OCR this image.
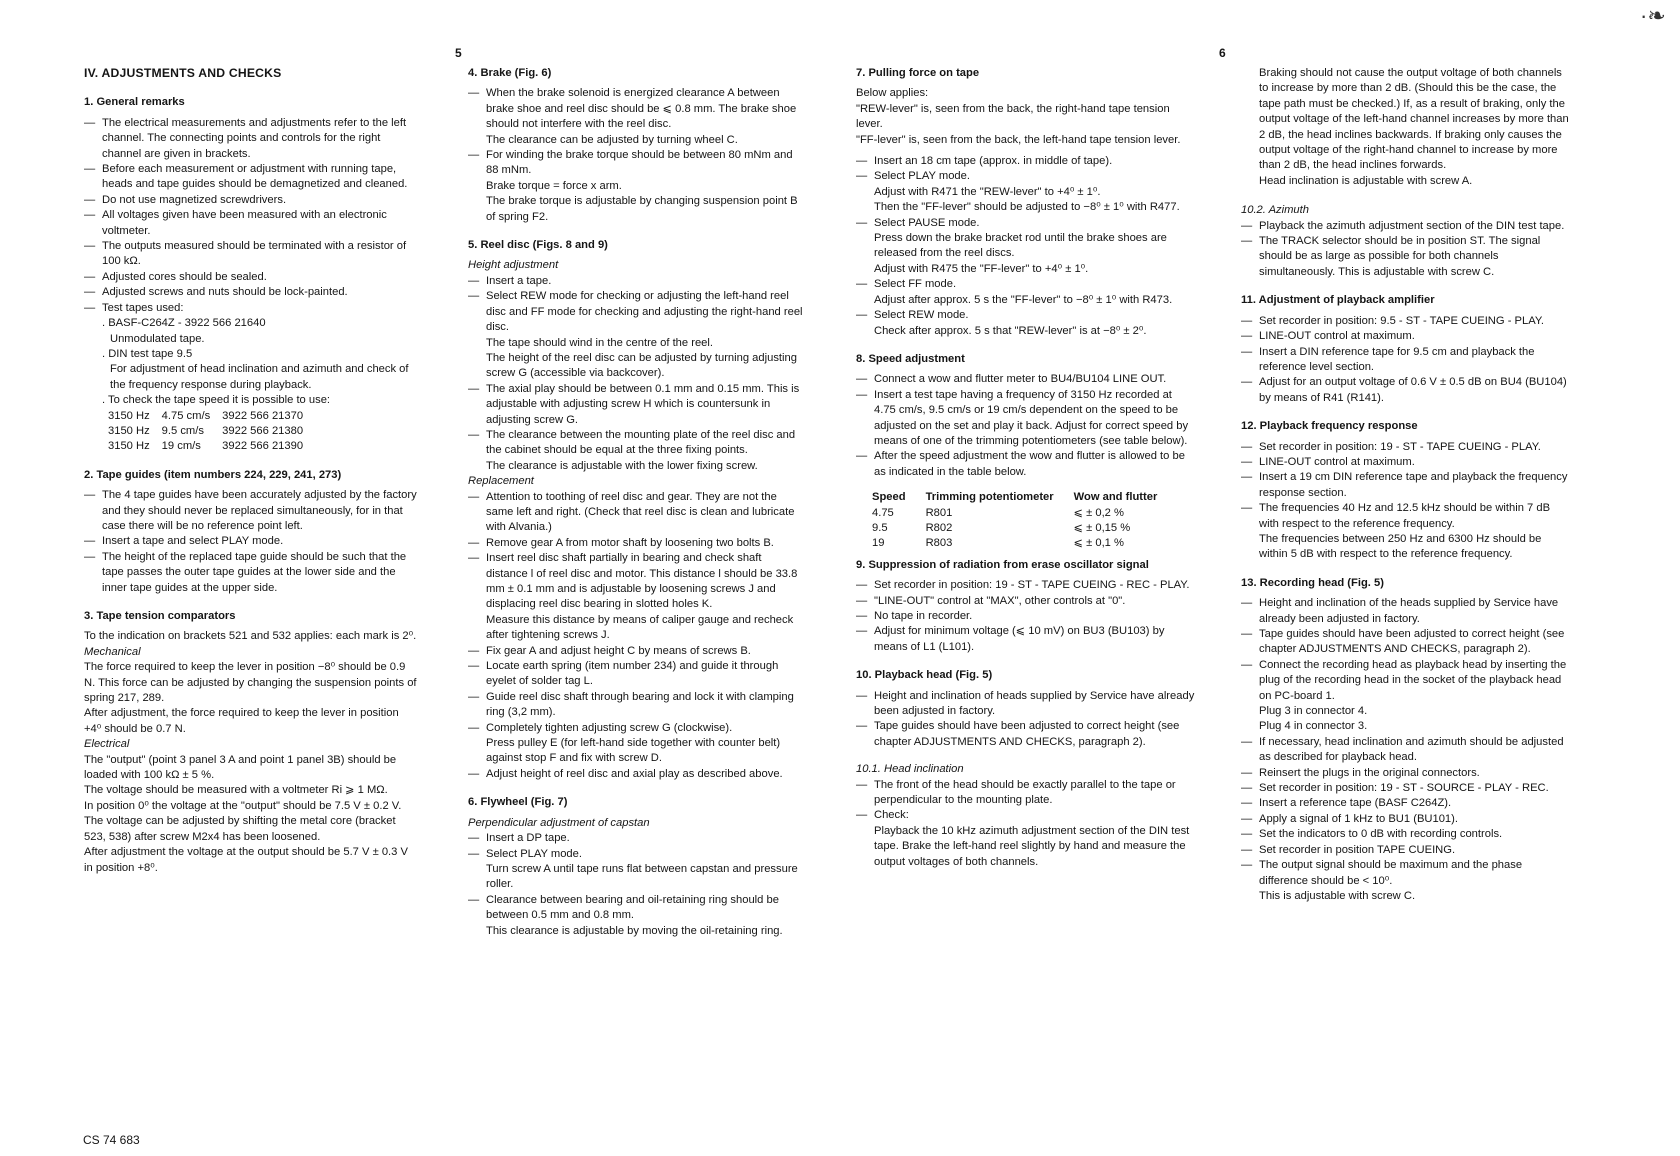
5	6
·❧

IV. ADJUSTMENTS AND CHECKS

1. General remarks

— The electrical measurements and adjustments refer to the left channel. The connecting points and controls for the right channel are given in brackets.
— Before each measurement or adjustment with running tape, heads and tape guides should be demagnetized and cleaned.
— Do not use magnetized screwdrivers.
— All voltages given have been measured with an electronic voltmeter.
— The outputs measured should be terminated with a resistor of 100 kΩ.
— Adjusted cores should be sealed.
— Adjusted screws and nuts should be lock-painted.
— Test tapes used:

. BASF-C264Z - 3922 566 21640

Unmodulated tape.

. DIN test tape 9.5

For adjustment of head inclination and azimuth and check of the frequency response during playback.

. To check the tape speed it is possible to use:

3150 Hz	4.75 cm/s	3922 566 21370
3150 Hz	9.5 cm/s	3922 566 21380
3150 Hz	19 cm/s	3922 566 21390

2. Tape guides (item numbers 224, 229, 241, 273)

— The 4 tape guides have been accurately adjusted by the factory and they should never be replaced simultaneously, for in that case there will be no reference point left.
— Insert a tape and select PLAY mode.
— The height of the replaced tape guide should be such that the tape passes the outer tape guides at the lower side and the inner tape guides at the upper side.

3. Tape tension comparators

To the indication on brackets 521 and 532 applies: each mark is 2⁰.

Mechanical

The force required to keep the lever in position −8⁰ should be 0.9 N. This force can be adjusted by changing the suspension points of spring 217, 289.

After adjustment, the force required to keep the lever in position +4⁰ should be 0.7 N.

Electrical

The "output" (point 3 panel 3 A and point 1 panel 3B) should be loaded with 100 kΩ ± 5 %.

The voltage should be measured with a voltmeter Ri ⩾ 1 MΩ.

In position 0⁰ the voltage at the "output" should be 7.5 V ± 0.2 V. The voltage can be adjusted by shifting the metal core (bracket 523, 538) after screw M2x4 has been loosened.

After adjustment the voltage at the output should be 5.7 V ± 0.3 V in position +8⁰.

4. Brake (Fig. 6)

— When the brake solenoid is energized clearance A between brake shoe and reel disc should be ⩽ 0.8 mm. The brake shoe should not interfere with the reel disc.
The clearance can be adjusted by turning wheel C.
— For winding the brake torque should be between 80 mNm and 88 mNm.
Brake torque = force x arm.
The brake torque is adjustable by changing suspension point B of spring F2.

5. Reel disc (Figs. 8 and 9)

Height adjustment

— Insert a tape.
— Select REW mode for checking or adjusting the left-hand reel disc and FF mode for checking and adjusting the right-hand reel disc.
The tape should wind in the centre of the reel.
The height of the reel disc can be adjusted by turning adjusting screw G (accessible via backcover).
— The axial play should be between 0.1 mm and 0.15 mm. This is adjustable with adjusting screw H which is countersunk in adjusting screw G.
— The clearance between the mounting plate of the reel disc and the cabinet should be equal at the three fixing points.
The clearance is adjustable with the lower fixing screw.

Replacement

— Attention to toothing of reel disc and gear. They are not the same left and right. (Check that reel disc is clean and lubricate with Alvania.)
— Remove gear A from motor shaft by loosening two bolts B.
— Insert reel disc shaft partially in bearing and check shaft distance l of reel disc and motor. This distance l should be 33.8 mm ± 0.1 mm and is adjustable by loosening screws J and displacing reel disc bearing in slotted holes K.
Measure this distance by means of caliper gauge and recheck after tightening screws J.
— Fix gear A and adjust height C by means of screws B.
— Locate earth spring (item number 234) and guide it through eyelet of solder tag L.
— Guide reel disc shaft through bearing and lock it with clamping ring (3,2 mm).
— Completely tighten adjusting screw G (clockwise).
Press pulley E (for left-hand side together with counter belt) against stop F and fix with screw D.
— Adjust height of reel disc and axial play as described above.

6. Flywheel (Fig. 7)

Perpendicular adjustment of capstan

— Insert a DP tape.
— Select PLAY mode.
Turn screw A until tape runs flat between capstan and pressure roller.
— Clearance between bearing and oil-retaining ring should be between 0.5 mm and 0.8 mm.
This clearance is adjustable by moving the oil-retaining ring.

7. Pulling force on tape

Below applies:

"REW-lever" is, seen from the back, the right-hand tape tension lever.

"FF-lever" is, seen from the back, the left-hand tape tension lever.

— Insert an 18 cm tape (approx. in middle of tape).
— Select PLAY mode.
Adjust with R471 the "REW-lever" to +4⁰ ± 1⁰.
Then the "FF-lever" should be adjusted to −8⁰ ± 1⁰ with R477.
— Select PAUSE mode.
Press down the brake bracket rod until the brake shoes are released from the reel discs.
Adjust with R475 the "FF-lever" to +4⁰ ± 1⁰.
— Select FF mode.
Adjust after approx. 5 s the "FF-lever" to −8⁰ ± 1⁰ with R473.
— Select REW mode.
Check after approx. 5 s that "REW-lever" is at −8⁰ ± 2⁰.

8. Speed adjustment

— Connect a wow and flutter meter to BU4/BU104 LINE OUT.
— Insert a test tape having a frequency of 3150 Hz recorded at 4.75 cm/s, 9.5 cm/s or 19 cm/s dependent on the speed to be adjusted on the set and play it back. Adjust for correct speed by means of one of the trimming potentiometers (see table below).
— After the speed adjustment the wow and flutter is allowed to be as indicated in the table below.
Speed	Trimming potentiometer	Wow and flutter
4.75	R801	⩽ ± 0,2 %
9.5	R802	⩽ ± 0,15 %
19	R803	⩽ ± 0,1 %

9. Suppression of radiation from erase oscillator signal

— Set recorder in position: 19 - ST - TAPE CUEING - REC - PLAY.
— "LINE-OUT" control at "MAX", other controls at "0".
— No tape in recorder.
— Adjust for minimum voltage (⩽ 10 mV) on BU3 (BU103) by means of L1 (L101).

10. Playback head (Fig. 5)

— Height and inclination of heads supplied by Service have already been adjusted in factory.
— Tape guides should have been adjusted to correct height (see chapter ADJUSTMENTS AND CHECKS, paragraph 2).

10.1. Head inclination

— The front of the head should be exactly parallel to the tape or perpendicular to the mounting plate.
— Check:
Playback the 10 kHz azimuth adjustment section of the DIN test tape. Brake the left-hand reel slightly by hand and measure the output voltages of both channels.

Braking should not cause the output voltage of both channels to increase by more than 2 dB. (Should this be the case, the tape path must be checked.) If, as a result of braking, only the output voltage of the left-hand channel increases by more than 2 dB, the head inclines backwards. If braking only causes the output voltage of the right-hand channel to increase by more than 2 dB, the head inclines forwards.

Head inclination is adjustable with screw A.

10.2. Azimuth

— Playback the azimuth adjustment section of the DIN test tape.
— The TRACK selector should be in position ST. The signal should be as large as possible for both channels simultaneously. This is adjustable with screw C.

11. Adjustment of playback amplifier

— Set recorder in position: 9.5 - ST - TAPE CUEING - PLAY.
— LINE-OUT control at maximum.
— Insert a DIN reference tape for 9.5 cm and playback the reference level section.
— Adjust for an output voltage of 0.6 V ± 0.5 dB on BU4 (BU104) by means of R41 (R141).

12. Playback frequency response

— Set recorder in position: 19 - ST - TAPE CUEING - PLAY.
— LINE-OUT control at maximum.
— Insert a 19 cm DIN reference tape and playback the frequency response section.
— The frequencies 40 Hz and 12.5 kHz should be within 7 dB with respect to the reference frequency.
The frequencies between 250 Hz and 6300 Hz should be within 5 dB with respect to the reference frequency.

13. Recording head (Fig. 5)

— Height and inclination of the heads supplied by Service have already been adjusted in factory.
— Tape guides should have been adjusted to correct height (see chapter ADJUSTMENTS AND CHECKS, paragraph 2).
— Connect the recording head as playback head by inserting the plug of the recording head in the socket of the playback head on PC-board 1.
Plug 3 in connector 4.
Plug 4 in connector 3.
— If necessary, head inclination and azimuth should be adjusted as described for playback head.
— Reinsert the plugs in the original connectors.
— Set recorder in position: 19 - ST - SOURCE - PLAY - REC.
— Insert a reference tape (BASF C264Z).
— Apply a signal of 1 kHz to BU1 (BU101).
— Set the indicators to 0 dB with recording controls.
— Set recorder in position TAPE CUEING.
— The output signal should be maximum and the phase difference should be < 10⁰.
This is adjustable with screw C.
CS 74 683
